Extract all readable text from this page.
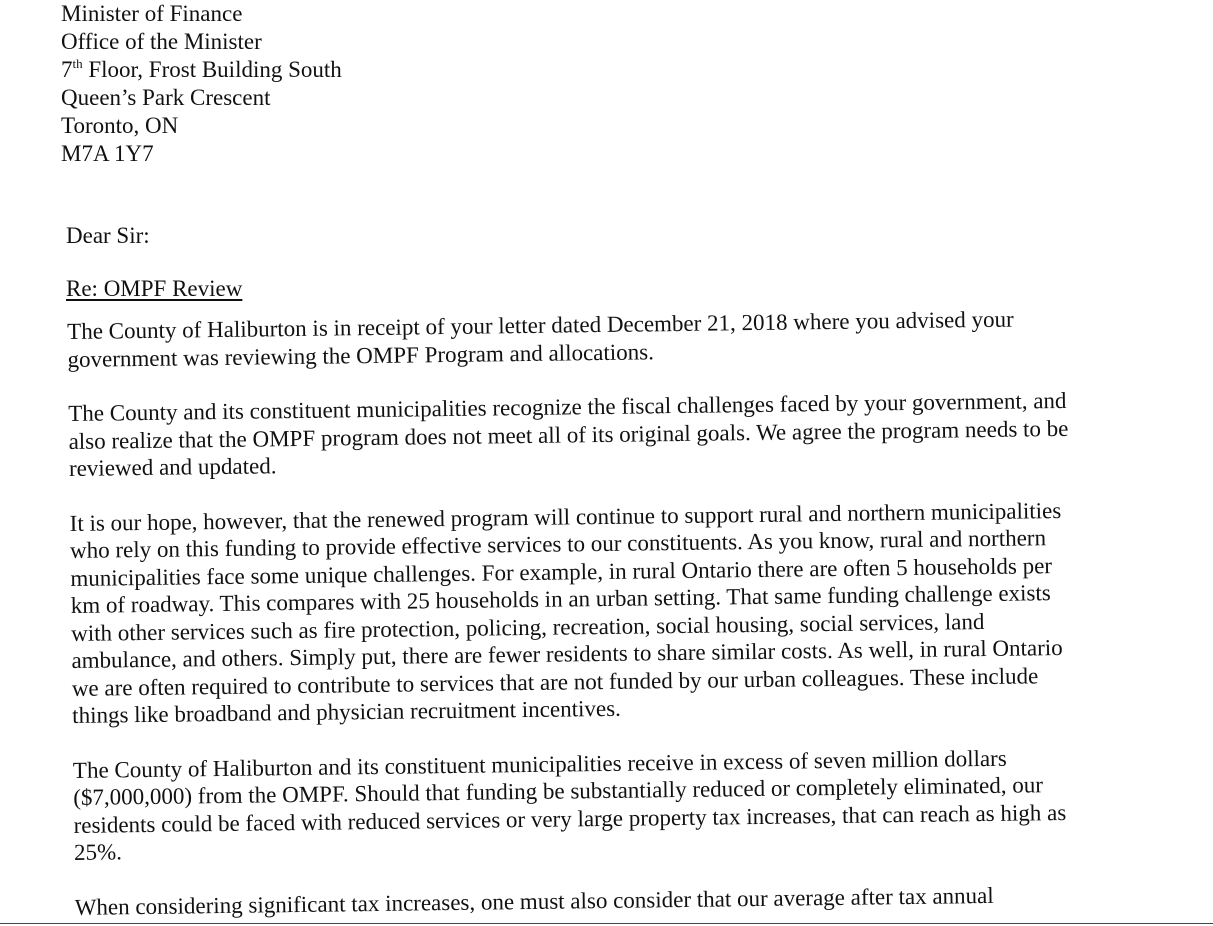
Minister of Finance
Office of the Minister
7th Floor, Frost Building South
Queen’s Park Crescent
Toronto, ON
M7A 1Y7
Dear Sir:
Re: OMPF Review

The County of Haliburton is in receipt of your letter dated December 21, 2018 where you advised your
government was reviewing the OMPF Program and allocations.

The County and its constituent municipalities recognize the fiscal challenges faced by your government, and
also realize that the OMPF program does not meet all of its original goals. We agree the program needs to be
reviewed and updated.

It is our hope, however, that the renewed program will continue to support rural and northern municipalities
who rely on this funding to provide effective services to our constituents. As you know, rural and northern
municipalities face some unique challenges. For example, in rural Ontario there are often 5 households per
km of roadway. This compares with 25 households in an urban setting. That same funding challenge exists
with other services such as fire protection, policing, recreation, social housing, social services, land
ambulance, and others. Simply put, there are fewer residents to share similar costs. As well, in rural Ontario
we are often required to contribute to services that are not funded by our urban colleagues. These include
things like broadband and physician recruitment incentives.

The County of Haliburton and its constituent municipalities receive in excess of seven million dollars
($7,000,000) from the OMPF. Should that funding be substantially reduced or completely eliminated, our
residents could be faced with reduced services or very large property tax increases, that can reach as high as
25%.

When considering significant tax increases, one must also consider that our average after tax annual
